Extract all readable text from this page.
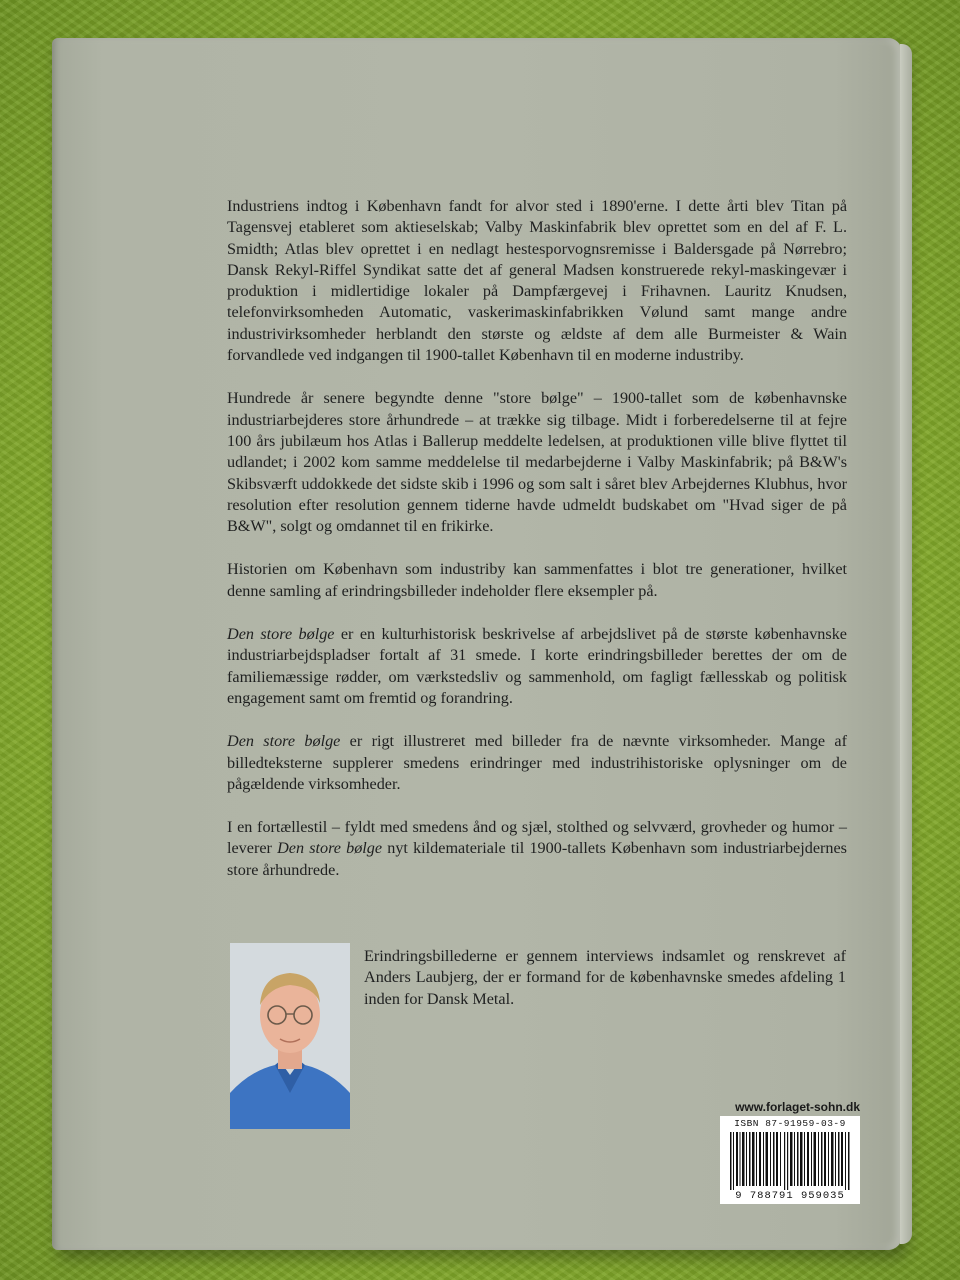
Industriens indtog i København fandt for alvor sted i 1890'erne. I dette årti blev Titan på Tagensvej etableret som aktieselskab; Valby Maskinfabrik blev oprettet som en del af F. L. Smidth; Atlas blev oprettet i en nedlagt hestesporvognsremisse i Baldersgade på Nørrebro; Dansk Rekyl-Riffel Syndikat satte det af general Madsen konstruerede rekyl-maskingevær i produktion i midlertidige lokaler på Dampfærgevej i Frihavnen. Lauritz Knudsen, telefonvirksomheden Automatic, vaskerimaskinfabrikken Vølund samt mange andre industrivirksomheder herblandt den største og ældste af dem alle Burmeister & Wain forvandlede ved indgangen til 1900-tallet København til en moderne industriby.

Hundrede år senere begyndte denne "store bølge" – 1900-tallet som de københavnske industriarbejderes store århundrede – at trække sig tilbage. Midt i forberedelserne til at fejre 100 års jubilæum hos Atlas i Ballerup meddelte ledelsen, at produktionen ville blive flyttet til udlandet; i 2002 kom samme meddelelse til medarbejderne i Valby Maskinfabrik; på B&W's Skibsværft uddokkede det sidste skib i 1996 og som salt i såret blev Arbejdernes Klubhus, hvor resolution efter resolution gennem tiderne havde udmeldt budskabet om "Hvad siger de på B&W", solgt og omdannet til en frikirke.

Historien om København som industriby kan sammenfattes i blot tre generationer, hvilket denne samling af erindringsbilleder indeholder flere eksempler på.

Den store bølge er en kulturhistorisk beskrivelse af arbejdslivet på de største københavnske industriarbejdspladser fortalt af 31 smede. I korte erindringsbilleder berettes der om de familiemæssige rødder, om værkstedsliv og sammenhold, om fagligt fællesskab og politisk engagement samt om fremtid og forandring.

Den store bølge er rigt illustreret med billeder fra de nævnte virksomheder. Mange af billedteksterne supplerer smedens erindringer med industrihistoriske oplysninger om de pågældende virksomheder.

I en fortællestil – fyldt med smedens ånd og sjæl, stolthed og selvværd, grovheder og humor – leverer Den store bølge nyt kildemateriale til 1900-tallets København som industriarbejdernes store århundrede.

Erindringsbillederne er gennem interviews indsamlet og renskrevet af Anders Laubjerg, der er formand for de københavnske smedes afdeling 1 inden for Dansk Metal.
www.forlaget-sohn.dk
ISBN 87-91959-03-9
9 788791 959035
